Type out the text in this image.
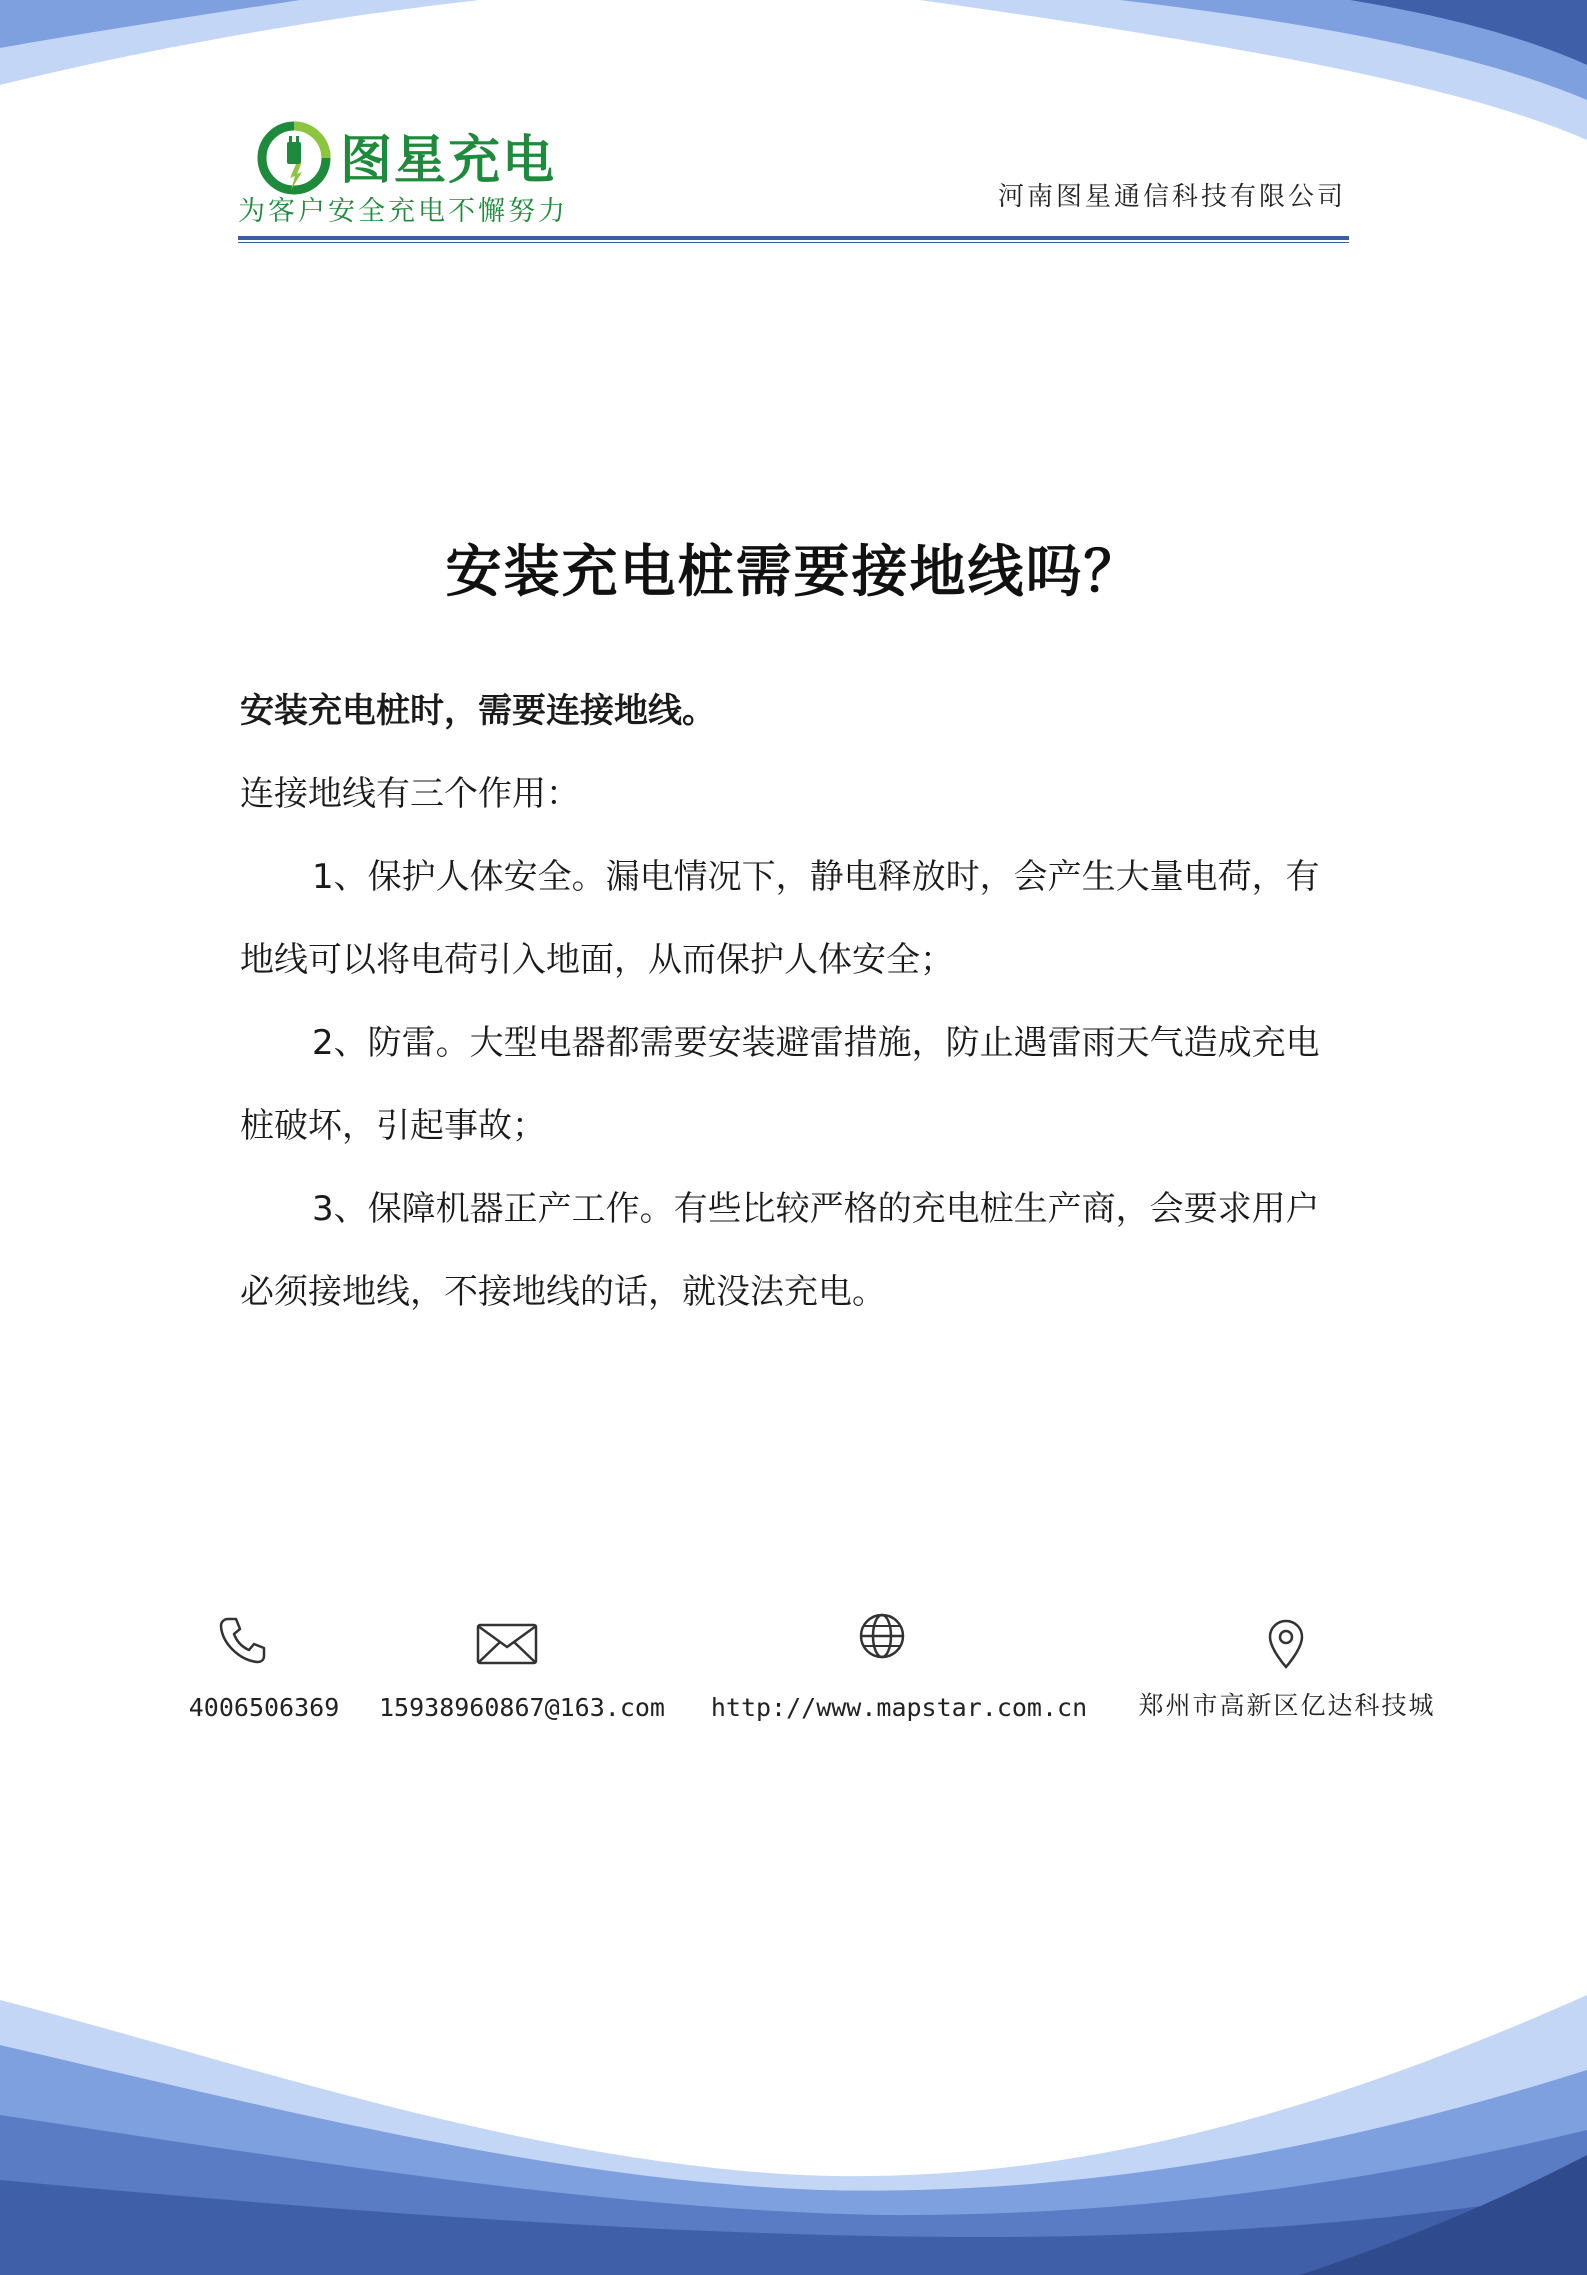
图星充电
为客户安全充电不懈努力	河南图星通信科技有限公司
安装充电桩需要接地线吗？

安装充电桩时，需要连接地线。

连接地线有三个作用：

1、保护人体安全。漏电情况下，静电释放时，会产生大量电荷，有地线可以将电荷引入地面，从而保护人体安全；

2、防雷。大型电器都需要安装避雷措施，防止遇雷雨天气造成充电桩破坏，引起事故；

3、保障机器正产工作。有些比较严格的充电桩生产商，会要求用户必须接地线，不接地线的话，就没法充电。

4006506369	15938960867@163.com http://www.mapstar.com.cn	郑州市高新区亿达科技城
